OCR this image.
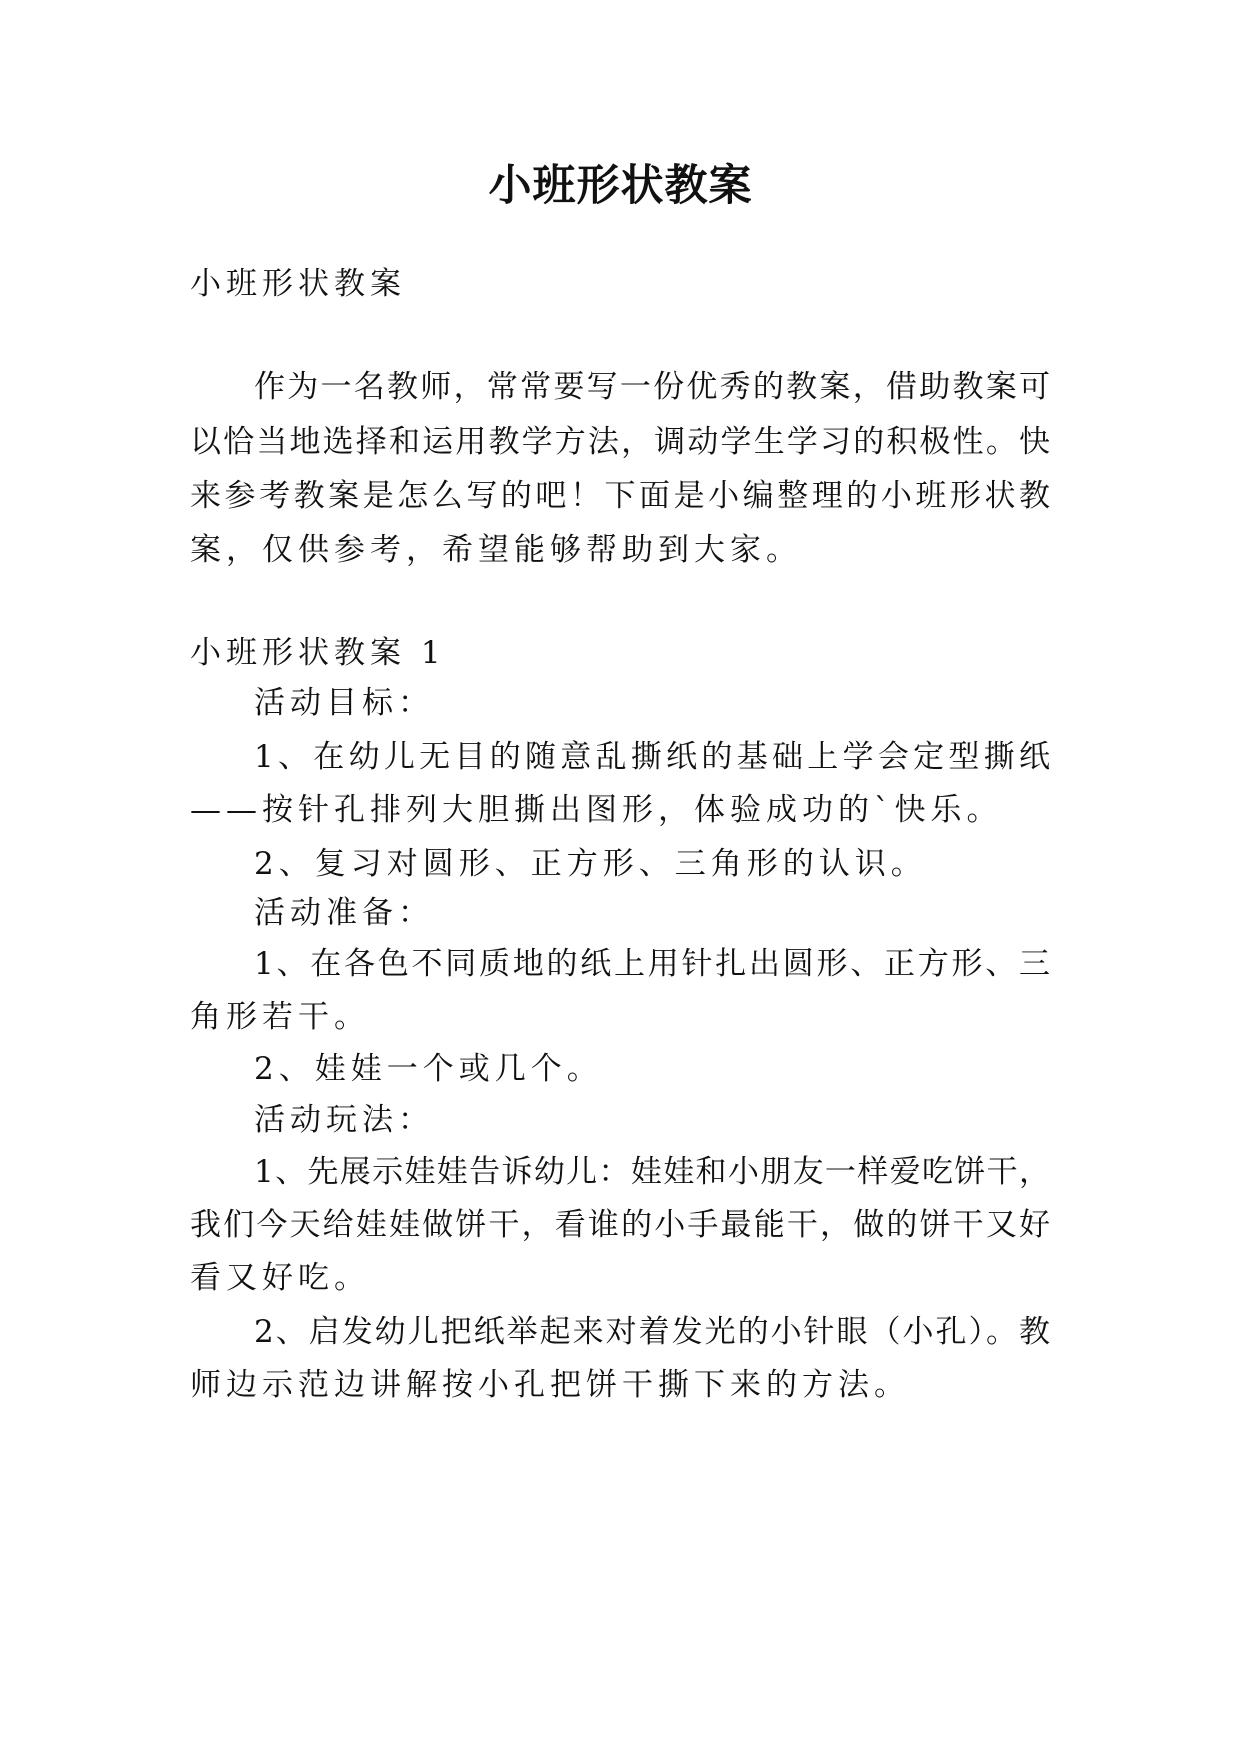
小班形状教案
小班形状教案
作为一名教师，常常要写一份优秀的教案，借助教案可
以恰当地选择和运用教学方法，调动学生学习的积极性。快
来参考教案是怎么写的吧！下面是小编整理的小班形状教
案，仅供参考，希望能够帮助到大家。
小班形状教案 1
活动目标：
1、在幼儿无目的随意乱撕纸的基础上学会定型撕纸
——按针孔排列大胆撕出图形，体验成功的`快乐。
2、复习对圆形、正方形、三角形的认识。
活动准备：
1、在各色不同质地的纸上用针扎出圆形、正方形、三
角形若干。
2、娃娃一个或几个。
活动玩法：
1、先展示娃娃告诉幼儿：娃娃和小朋友一样爱吃饼干，
我们今天给娃娃做饼干，看谁的小手最能干，做的饼干又好
看又好吃。
2、启发幼儿把纸举起来对着发光的小针眼（小孔）。教
师边示范边讲解按小孔把饼干撕下来的方法。
